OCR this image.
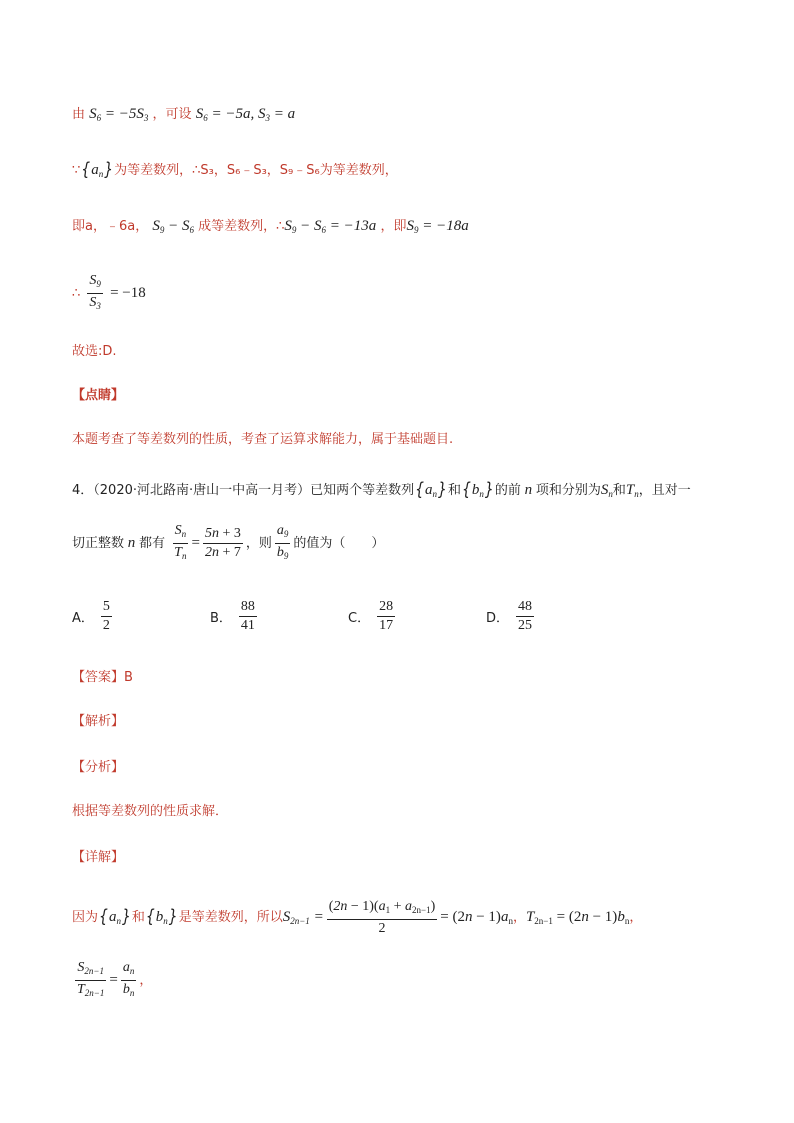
由 $S_6 = -5S_3$ ，可设 $S_6 = -5a$, $S_3 = a$
$\because\{a_n\}$为等差数列，∴S₃，S₆﹣S₃，S₉﹣S₆为等差数列，
即a，﹣6a， $S_9 - S_6$ 成等差数列，$\therefore S_9 - S_6 = -13a$ ，即$S_9 = -18a$
∴ $\frac{S_9}{S_3} = -18$
故选:D.
【点睛】
本题考查了等差数列的性质，考查了运算求解能力，属于基础题目.
4．（2020·河北路南·唐山一中高一月考）已知两个等差数列$\{a_n\}$和$\{b_n\}$的前 n 项和分别为$S_n$和$T_n$，且对一
切正整数 n 都有 $\frac{S_n}{T_n} = \frac{5n + 3}{2n + 7}$ ，则 $\frac{a_9}{b_9}$ 的值为（　　）
A． $\frac{5}{2}$	B． $\frac{88}{41}$	C． $\frac{28}{17}$	D． $\frac{48}{25}$
【答案】B
【解析】
【分析】
根据等差数列的性质求解．
【详解】
因为$\{a_n\}$和$\{b_n\}$是等差数列，所以$S_{2n-1} = \frac{(2n - 1)(a_1 + a_{2n-1})}{2} = (2n - 1)a_n$，$T_{2n-1} = (2n - 1)b_n$，
$\frac{S_{2n-1}}{T_{2n-1}} = \frac{a_n}{b_n}$ ，
